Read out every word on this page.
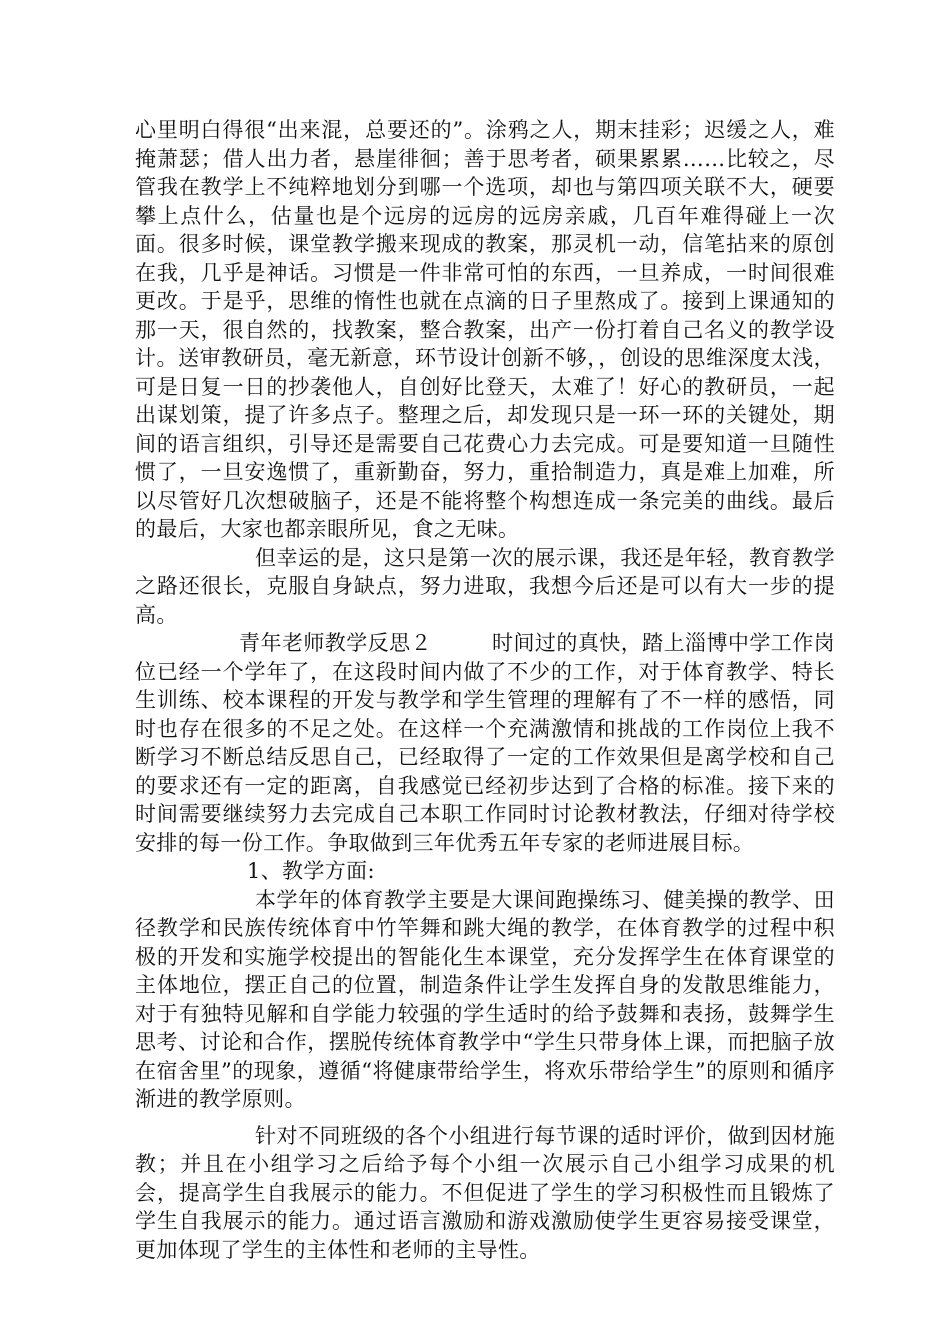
心里明白得很“出来混，总要还的”。涂鸦之人，期末挂彩；迟缓之人，难掩萧瑟；借人出力者，悬崖徘徊；善于思考者，硕果累累……比较之，尽管我在教学上不纯粹地划分到哪一个选项，却也与第四项关联不大，硬要攀上点什么，估量也是个远房的远房的远房亲戚，几百年难得碰上一次面。很多时候，课堂教学搬来现成的教案，那灵机一动，信笔拈来的原创在我，几乎是神话。习惯是一件非常可怕的东西，一旦养成，一时间很难更改。于是乎，思维的惰性也就在点滴的日子里熬成了。接到上课通知的那一天，很自然的，找教案，整合教案，出产一份打着自己名义的教学设计。送审教研员，毫无新意，环节设计创新不够，，创设的思维深度太浅，可是日复一日的抄袭他人，自创好比登天，太难了！好心的教研员，一起出谋划策，提了许多点子。整理之后，却发现只是一环一环的关键处，期间的语言组织，引导还是需要自己花费心力去完成。可是要知道一旦随性惯了，一旦安逸惯了，重新勤奋，努力，重拾制造力，真是难上加难，所以尽管好几次想破脑子，还是不能将整个构想连成一条完美的曲线。最后的最后，大家也都亲眼所见，食之无味。

但幸运的是，这只是第一次的展示课，我还是年轻，教育教学之路还很长，克服自身缺点，努力进取，我想今后还是可以有大一步的提高。

青年老师教学反思２	时间过的真快，踏上淄博中学工作岗位已经一个学年了，在这段时间内做了不少的工作，对于体育教学、特长生训练、校本课程的开发与教学和学生管理的理解有了不一样的感悟，同时也存在很多的不足之处。在这样一个充满激情和挑战的工作岗位上我不断学习不断总结反思自己，已经取得了一定的工作效果但是离学校和自己的要求还有一定的距离，自我感觉已经初步达到了合格的标准。接下来的时间需要继续努力去完成自己本职工作同时讨论教材教法，仔细对待学校安排的每一份工作。争取做到三年优秀五年专家的老师进展目标。

1、教学方面:

本学年的体育教学主要是大课间跑操练习、健美操的教学、田径教学和民族传统体育中竹竿舞和跳大绳的教学，在体育教学的过程中积极的开发和实施学校提出的智能化生本课堂，充分发挥学生在体育课堂的主体地位，摆正自己的位置，制造条件让学生发挥自身的发散思维能力，对于有独特见解和自学能力较强的学生适时的给予鼓舞和表扬，鼓舞学生思考、讨论和合作，摆脱传统体育教学中“学生只带身体上课，而把脑子放在宿舍里”的现象，遵循“将健康带给学生，将欢乐带给学生”的原则和循序渐进的教学原则。

针对不同班级的各个小组进行每节课的适时评价，做到因材施教；并且在小组学习之后给予每个小组一次展示自己小组学习成果的机会，提高学生自我展示的能力。不但促进了学生的学习积极性而且锻炼了学生自我展示的能力。通过语言激励和游戏激励使学生更容易接受课堂，更加体现了学生的主体性和老师的主导性。
